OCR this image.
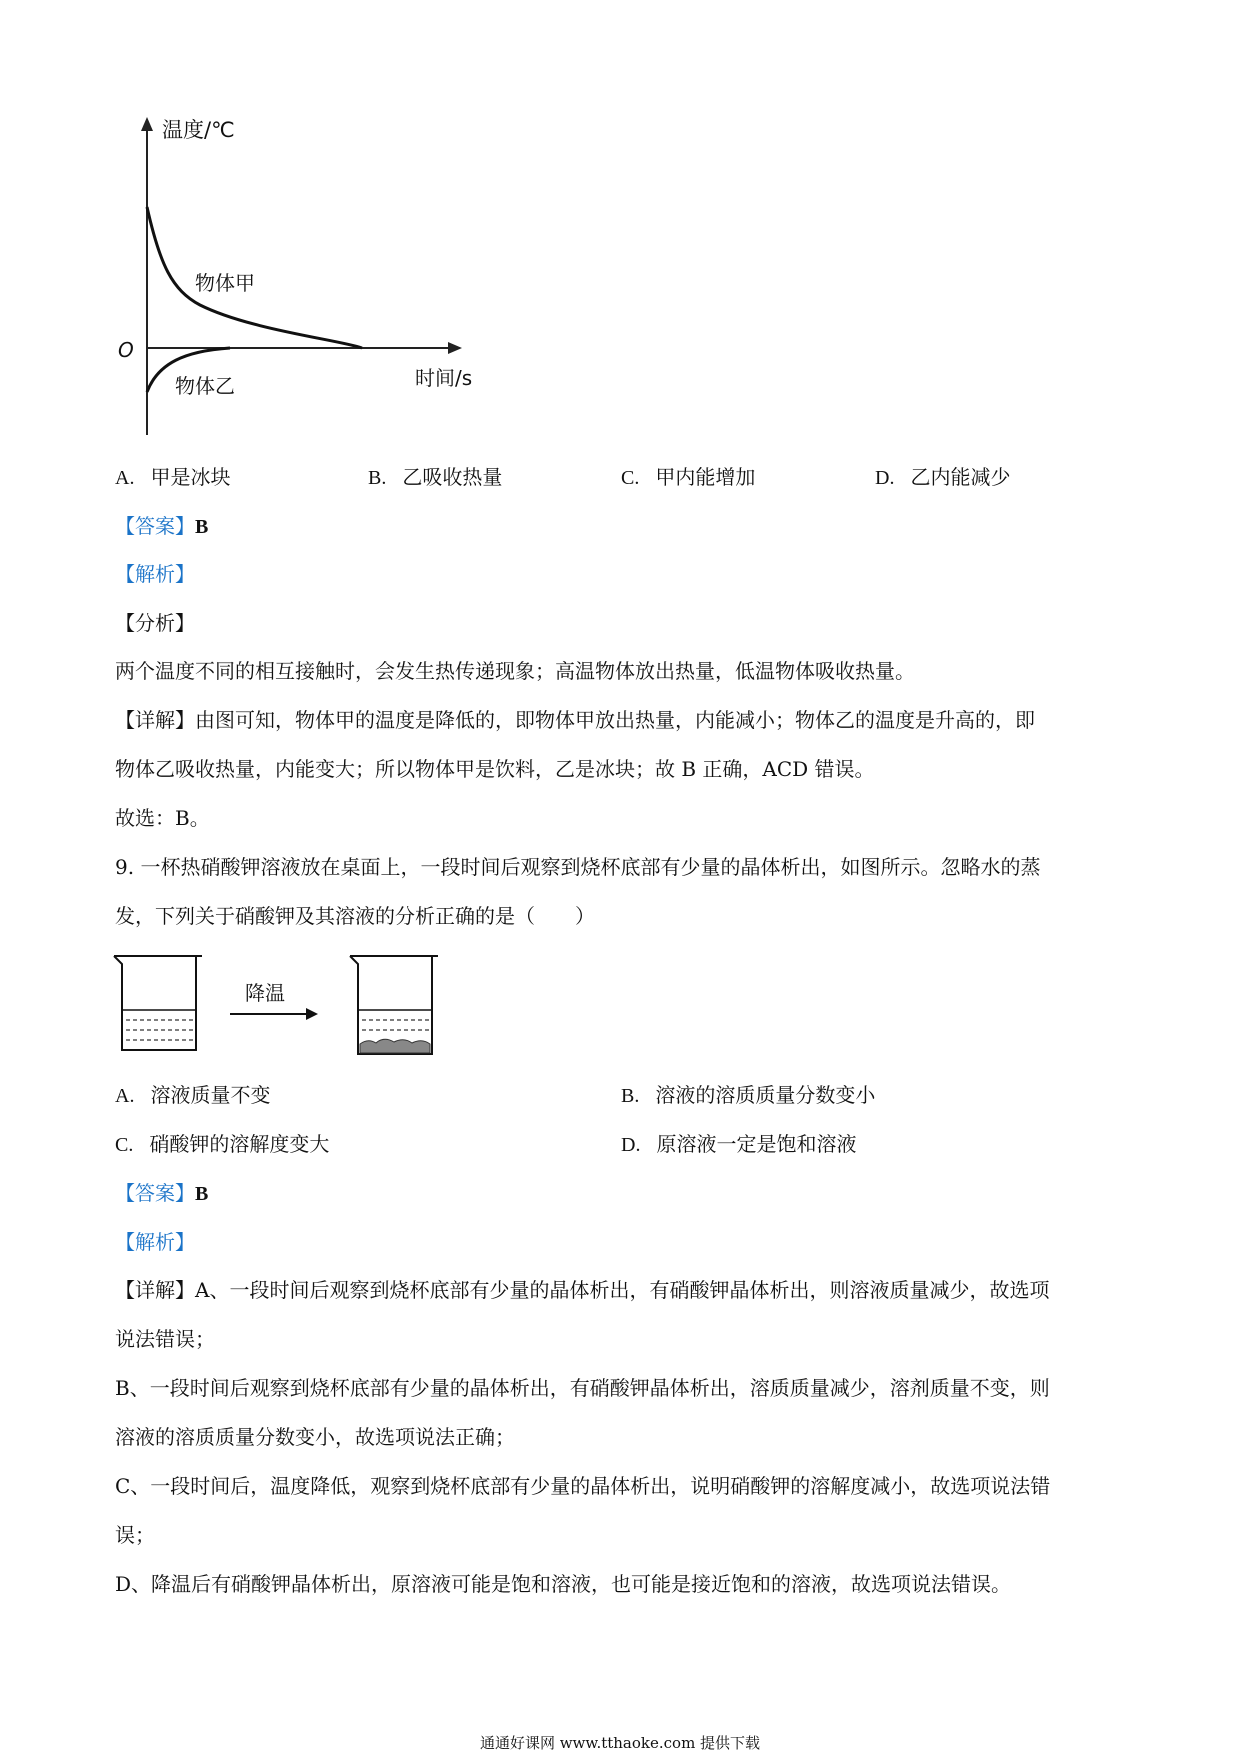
温度/℃
时间/s
O
物体甲
物体乙
A. 甲是冰块	B. 乙吸收热量	C. 甲内能增加	D. 乙内能减少
【答案】B
【解析】
【分析】
两个温度不同的相互接触时，会发生热传递现象；高温物体放出热量，低温物体吸收热量。
【详解】由图可知，物体甲的温度是降低的，即物体甲放出热量，内能减小；物体乙的温度是升高的，即
物体乙吸收热量，内能变大；所以物体甲是饮料，乙是冰块；故 B 正确，ACD 错误。
故选：B。
9. 一杯热硝酸钾溶液放在桌面上，一段时间后观察到烧杯底部有少量的晶体析出，如图所示。忽略水的蒸
发，下列关于硝酸钾及其溶液的分析正确的是（　　）
降温
A. 溶液质量不变	B. 溶液的溶质质量分数变小
C. 硝酸钾的溶解度变大	D. 原溶液一定是饱和溶液
【答案】B
【解析】
【详解】A、一段时间后观察到烧杯底部有少量的晶体析出，有硝酸钾晶体析出，则溶液质量减少，故选项
说法错误；
B、一段时间后观察到烧杯底部有少量的晶体析出，有硝酸钾晶体析出，溶质质量减少，溶剂质量不变，则
溶液的溶质质量分数变小，故选项说法正确；
C、一段时间后，温度降低，观察到烧杯底部有少量的晶体析出，说明硝酸钾的溶解度减小，故选项说法错
误；
D、降温后有硝酸钾晶体析出，原溶液可能是饱和溶液，也可能是接近饱和的溶液，故选项说法错误。
通通好课网 www.tthaoke.com 提供下载
